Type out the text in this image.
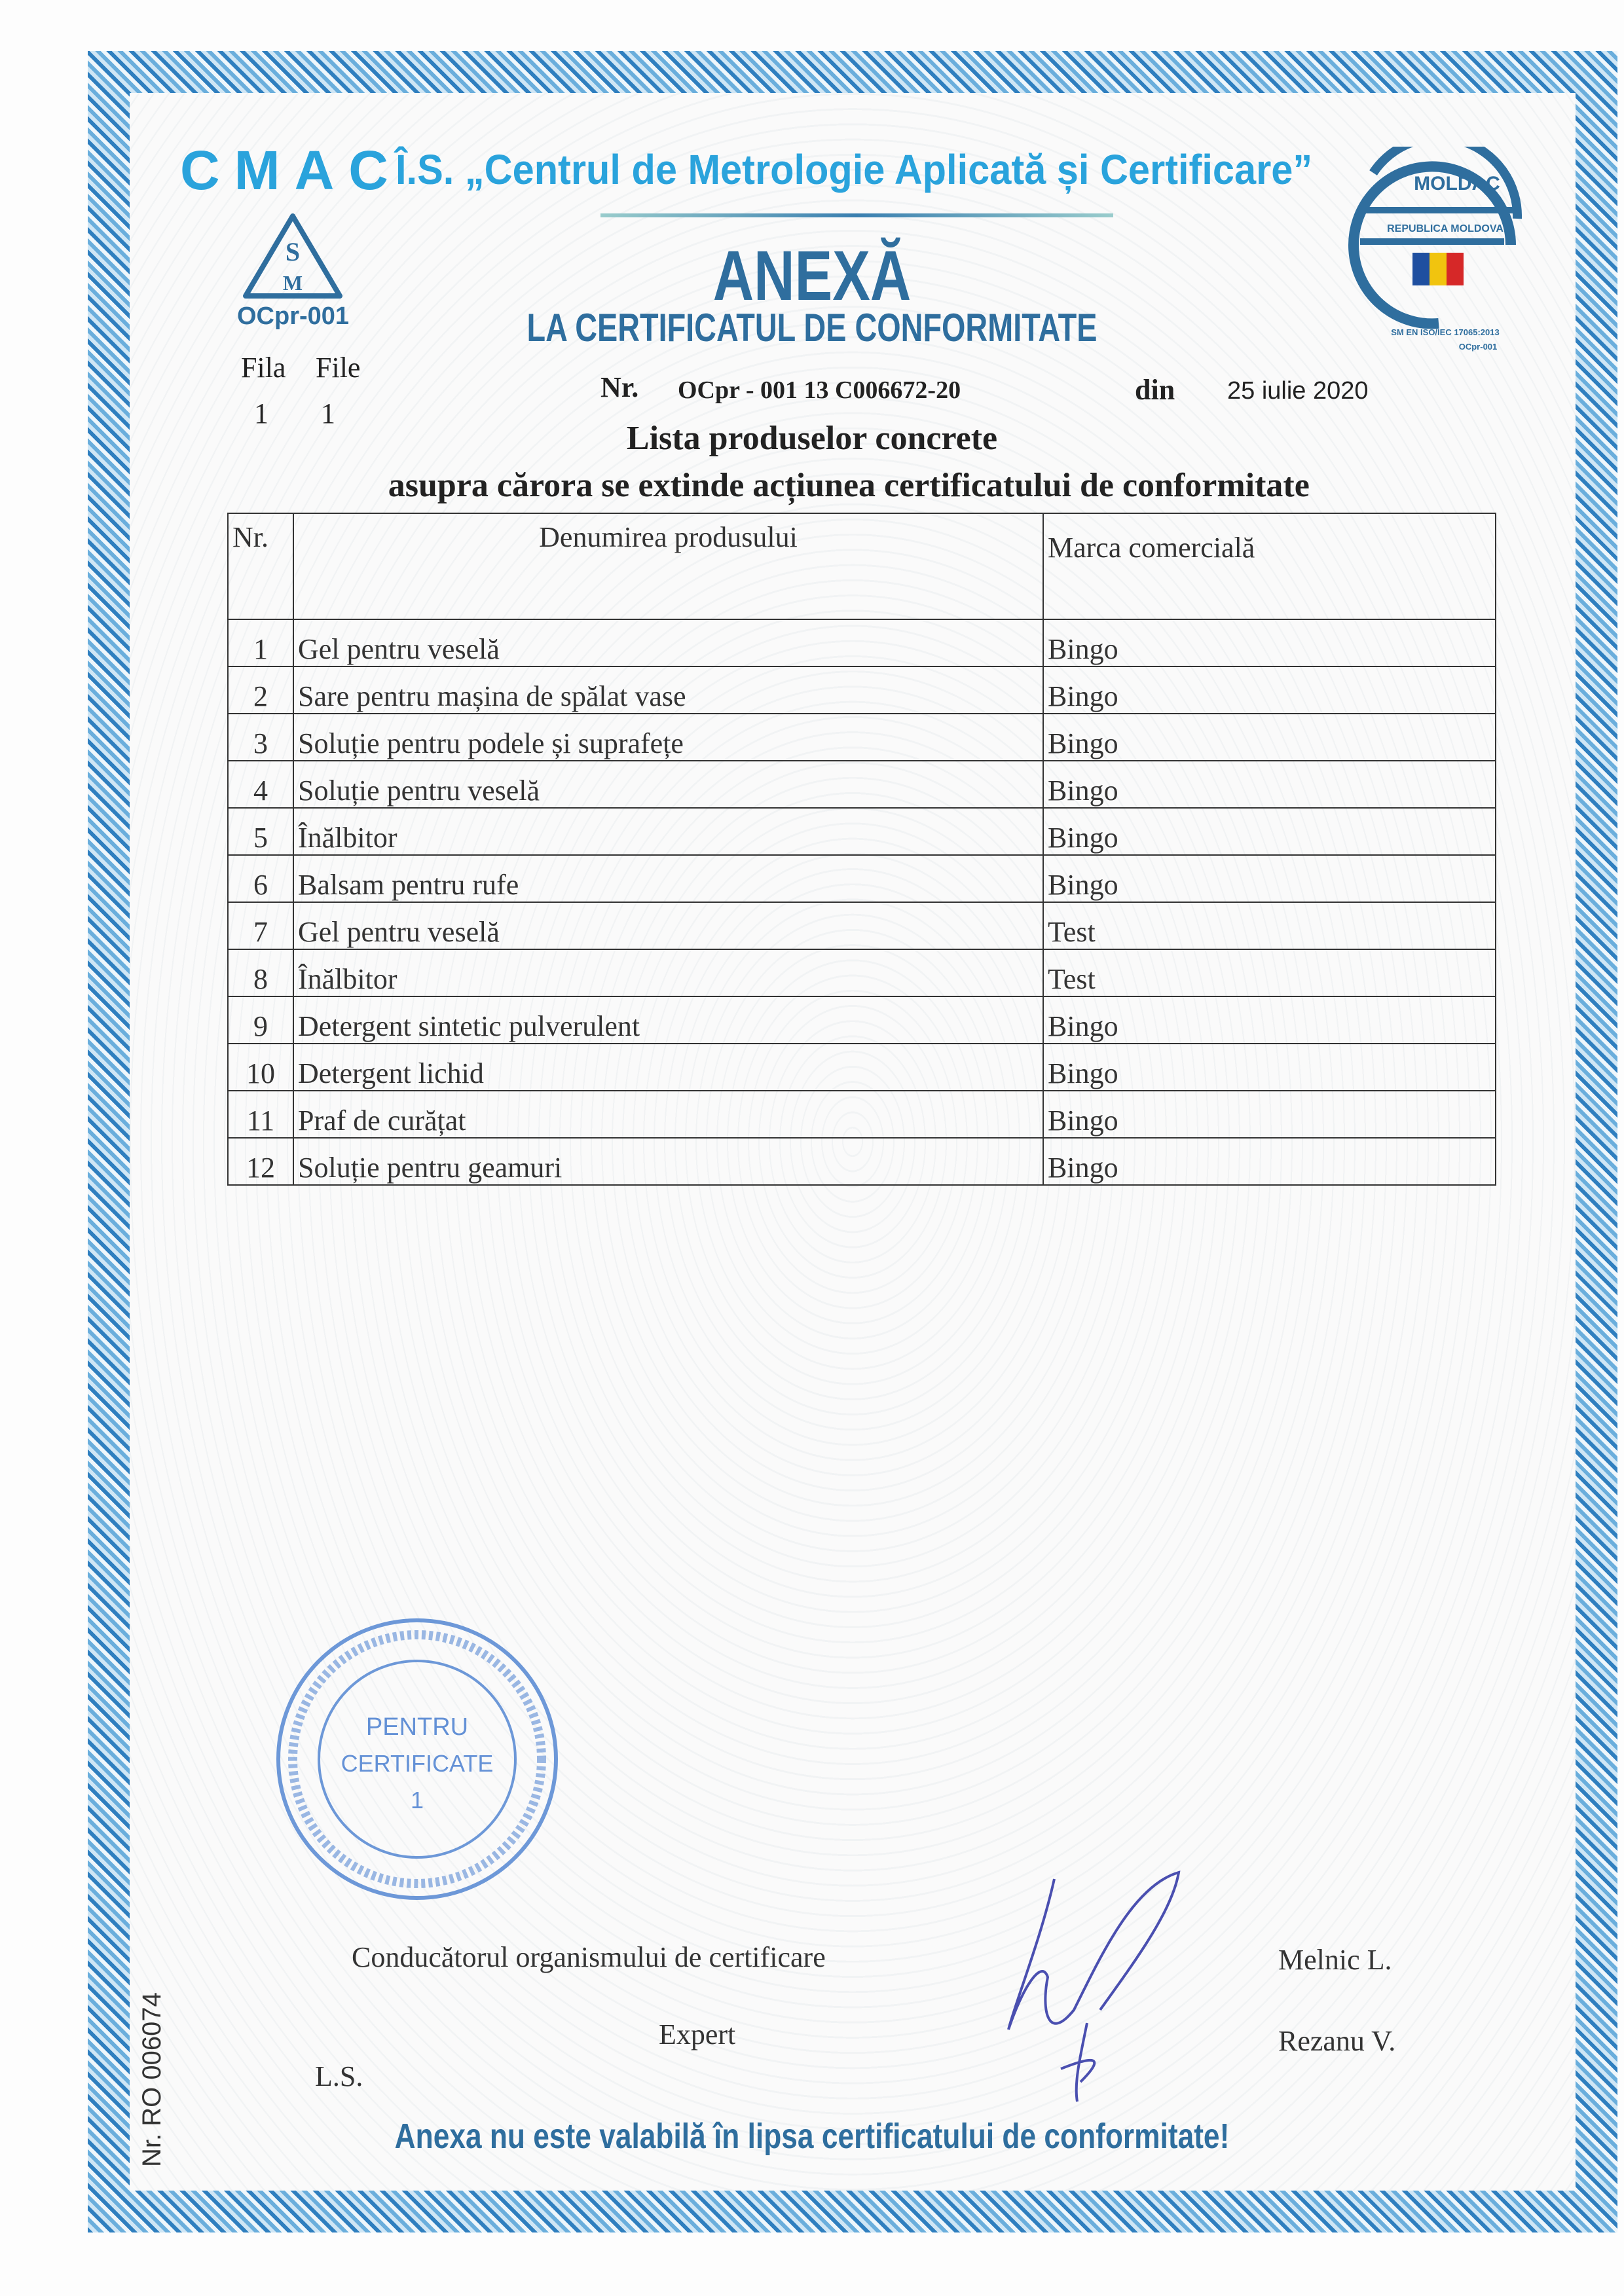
CMAC
Î.S. „Centrul de Metrologie Aplicată și Certificare”
S
M
OCpr-001
MOLDAC
REPUBLICA MOLDOVA
SM EN ISO/IEC 17065:2013
OCpr-001
ANEXĂ
LA CERTIFICATUL DE CONFORMITATE
Fila File
1 1
Nr. OCpr - 001 13 C006672-20	din 25 iulie 2020
Lista produselor concrete
asupra cărora se extinde acțiunea certificatului de conformitate
Nr.	Denumirea produsului	Marca comercială
1	Gel pentru veselă	Bingo
2	Sare pentru mașina de spălat vase	Bingo
3	Soluție pentru podele și suprafețe	Bingo
4	Soluție pentru veselă	Bingo
5	Înălbitor	Bingo
6	Balsam pentru rufe	Bingo
7	Gel pentru veselă	Test
8	Înălbitor	Test
9	Detergent sintetic pulverulent	Bingo
10	Detergent lichid	Bingo
11	Praf de curățat	Bingo
12	Soluție pentru geamuri	Bingo
PENTRU
CERTIFICATE
1
Conducătorul organismului de certificare	Melnic L.
Expert	Rezanu V.
L.S.
Anexa nu este valabilă în lipsa certificatului de conformitate!
Nr. RO 006074
